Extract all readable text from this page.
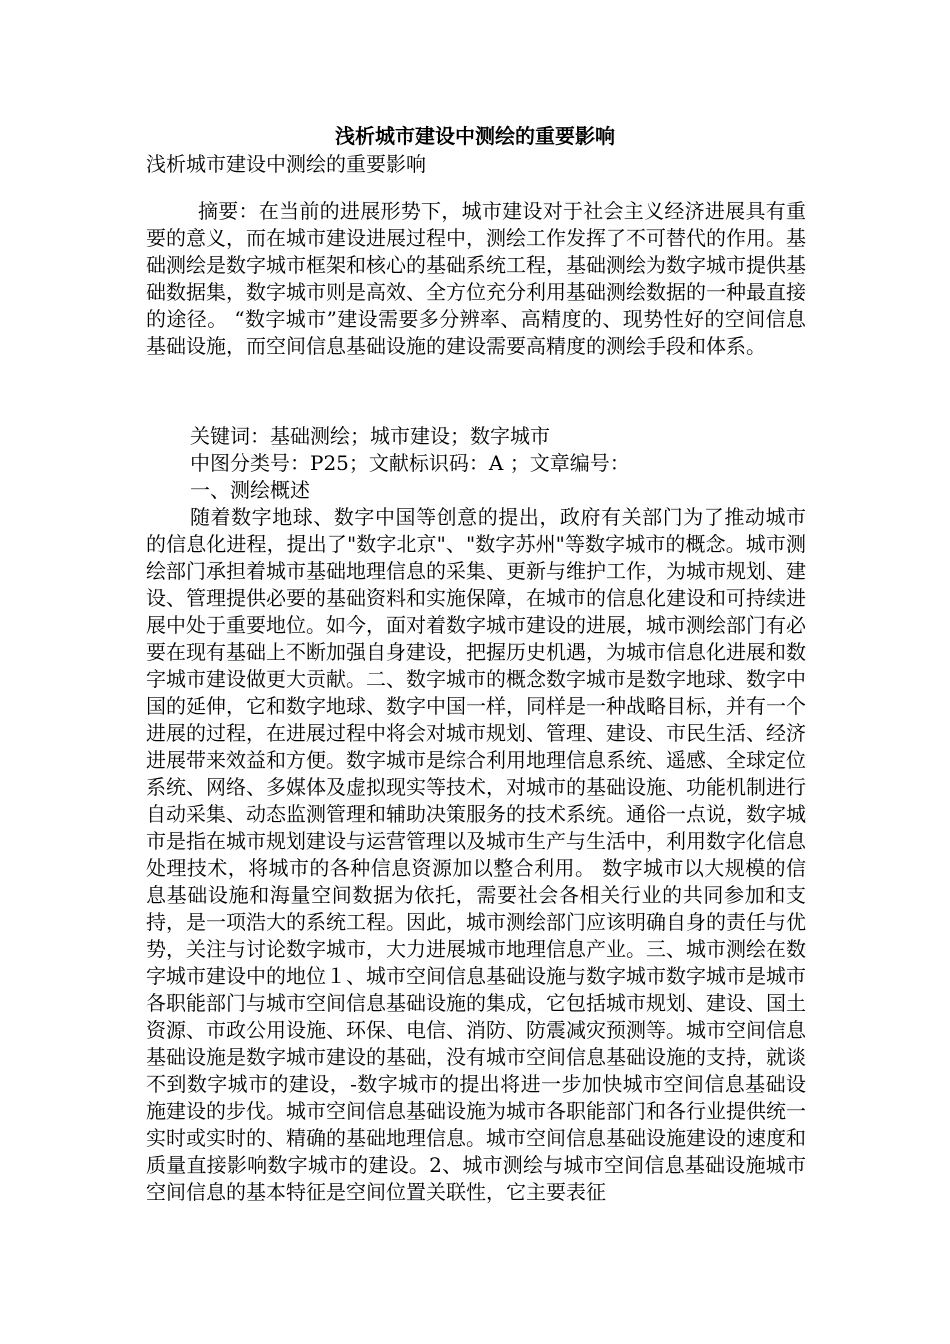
浅析城市建设中测绘的重要影响
浅析城市建设中测绘的重要影响

摘要：在当前的进展形势下，城市建设对于社会主义经济进展具有重要的意义，而在城市建设进展过程中，测绘工作发挥了不可替代的作用。基础测绘是数字城市框架和核心的基础系统工程，基础测绘为数字城市提供基础数据集，数字城市则是高效、全方位充分利用基础测绘数据的一种最直接的途径。 “数字城市”建设需要多分辨率、高精度的、现势性好的空间信息基础设施，而空间信息基础设施的建设需要高精度的测绘手段和体系。

关键词：基础测绘；城市建设；数字城市
中图分类号：P25；文献标识码：A ；文章编号：
一、测绘概述

随着数字地球、数字中国等创意的提出，政府有关部门为了推动城市的信息化进程，提出了"数字北京"、"数字苏州"等数字城市的概念。城市测绘部门承担着城市基础地理信息的采集、更新与维护工作，为城市规划、建设、管理提供必要的基础资料和实施保障，在城市的信息化建设和可持续进展中处于重要地位。如今，面对着数字城市建设的进展，城市测绘部门有必要在现有基础上不断加强自身建设，把握历史机遇，为城市信息化进展和数字城市建设做更大贡献。二、数字城市的概念数字城市是数字地球、数字中国的延伸，它和数字地球、数字中国一样，同样是一种战略目标，并有一个进展的过程，在进展过程中将会对城市规划、管理、建设、市民生活、经济进展带来效益和方便。数字城市是综合利用地理信息系统、遥感、全球定位系统、网络、多媒体及虚拟现实等技术，对城市的基础设施、功能机制进行自动采集、动态监测管理和辅助决策服务的技术系统。通俗一点说，数字城市是指在城市规划建设与运营管理以及城市生产与生活中，利用数字化信息处理技术，将城市的各种信息资源加以整合利用。 数字城市以大规模的信息基础设施和海量空间数据为依托，需要社会各相关行业的共同参加和支持，是一项浩大的系统工程。因此，城市测绘部门应该明确自身的责任与优势，关注与讨论数字城市，大力进展城市地理信息产业。三、城市测绘在数字城市建设中的地位１、城市空间信息基础设施与数字城市数字城市是城市各职能部门与城市空间信息基础设施的集成，它包括城市规划、建设、国土资源、市政公用设施、环保、电信、消防、防震减灾预测等。城市空间信息基础设施是数字城市建设的基础，没有城市空间信息基础设施的支持，就谈不到数字城市的建设，-数字城市的提出将进一步加快城市空间信息基础设施建设的步伐。城市空间信息基础设施为城市各职能部门和各行业提供统一实时或实时的、精确的基础地理信息。城市空间信息基础设施建设的速度和质量直接影响数字城市的建设。2、城市测绘与城市空间信息基础设施城市空间信息的基本特征是空间位置关联性，它主要表征
